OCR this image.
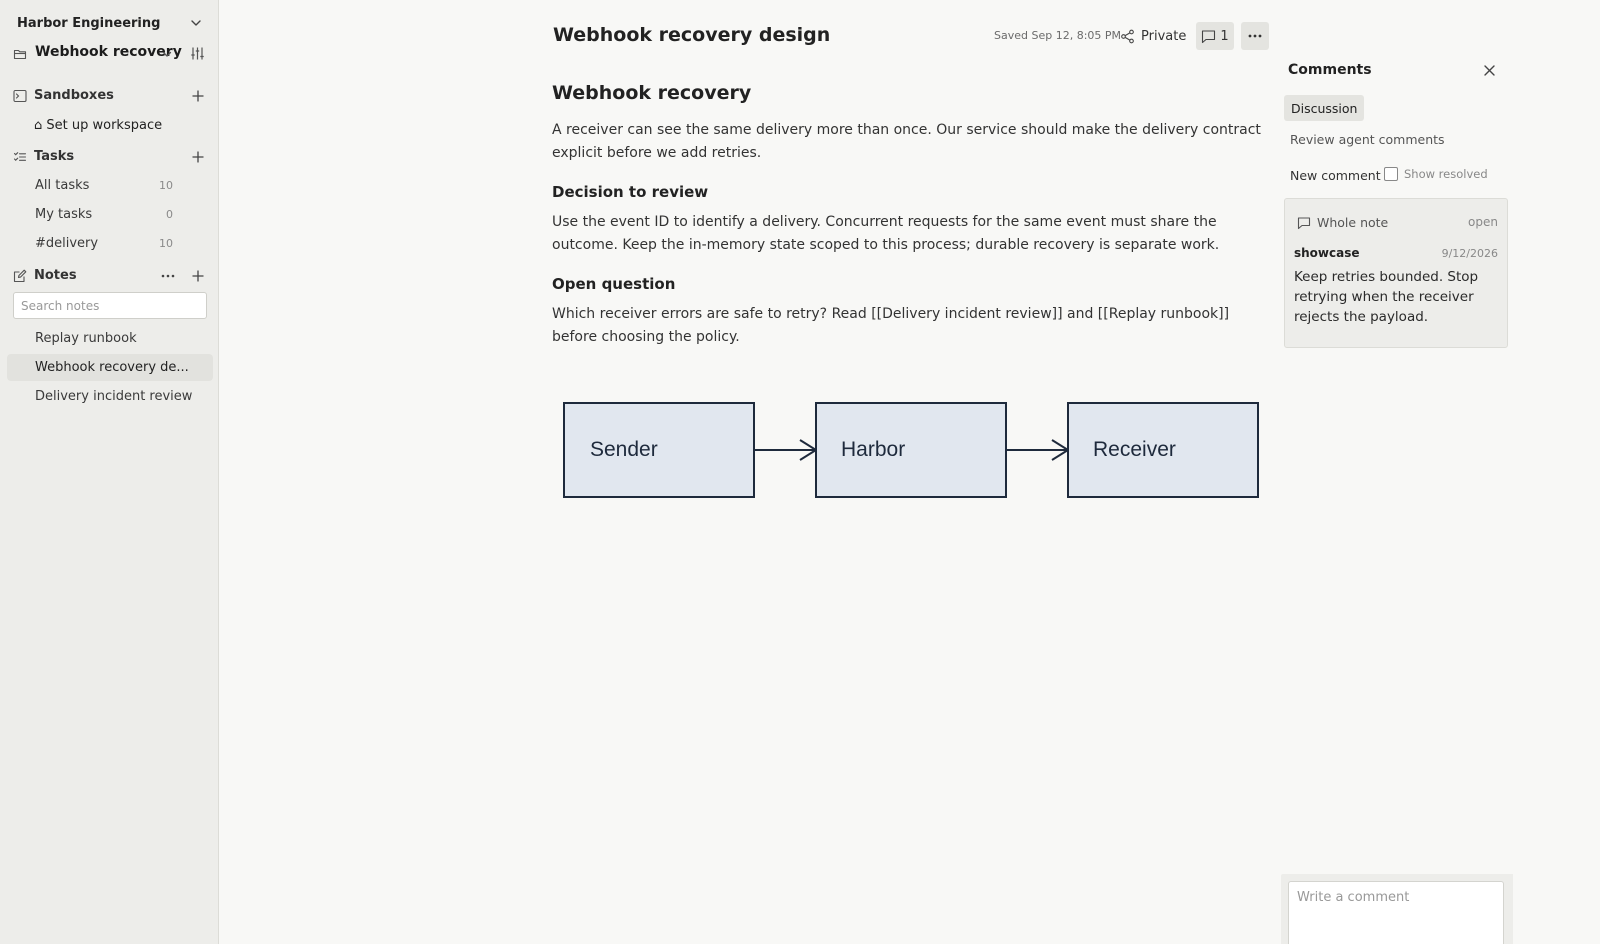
Harbor Engineering
Webhook recovery
Sandboxes
⌂ Set up workspace
Tasks
All tasks	10
My tasks	0
#delivery	10
Notes
Search notes
Replay runbook
Webhook recovery de...
Delivery incident review
Webhook recovery design	Saved Sep 12, 8:05 PM Private	1
Webhook recovery

A receiver can see the same delivery more than once. Our service should make the delivery contract explicit before we add retries.

Decision to review

Use the event ID to identify a delivery. Concurrent requests for the same event must share the outcome. Keep the in-memory state scoped to this process; durable recovery is separate work.

Open question

Which receiver errors are safe to retry? Read [[Delivery incident review]] and [[Replay runbook]] before choosing the policy.

Sender	Harbor	Receiver
Comments
Discussion
Review agent comments
New comment Show resolved
Whole note	open
showcase	9/12/2026
Keep retries bounded. Stop retrying when the receiver rejects the payload.
Write a comment
